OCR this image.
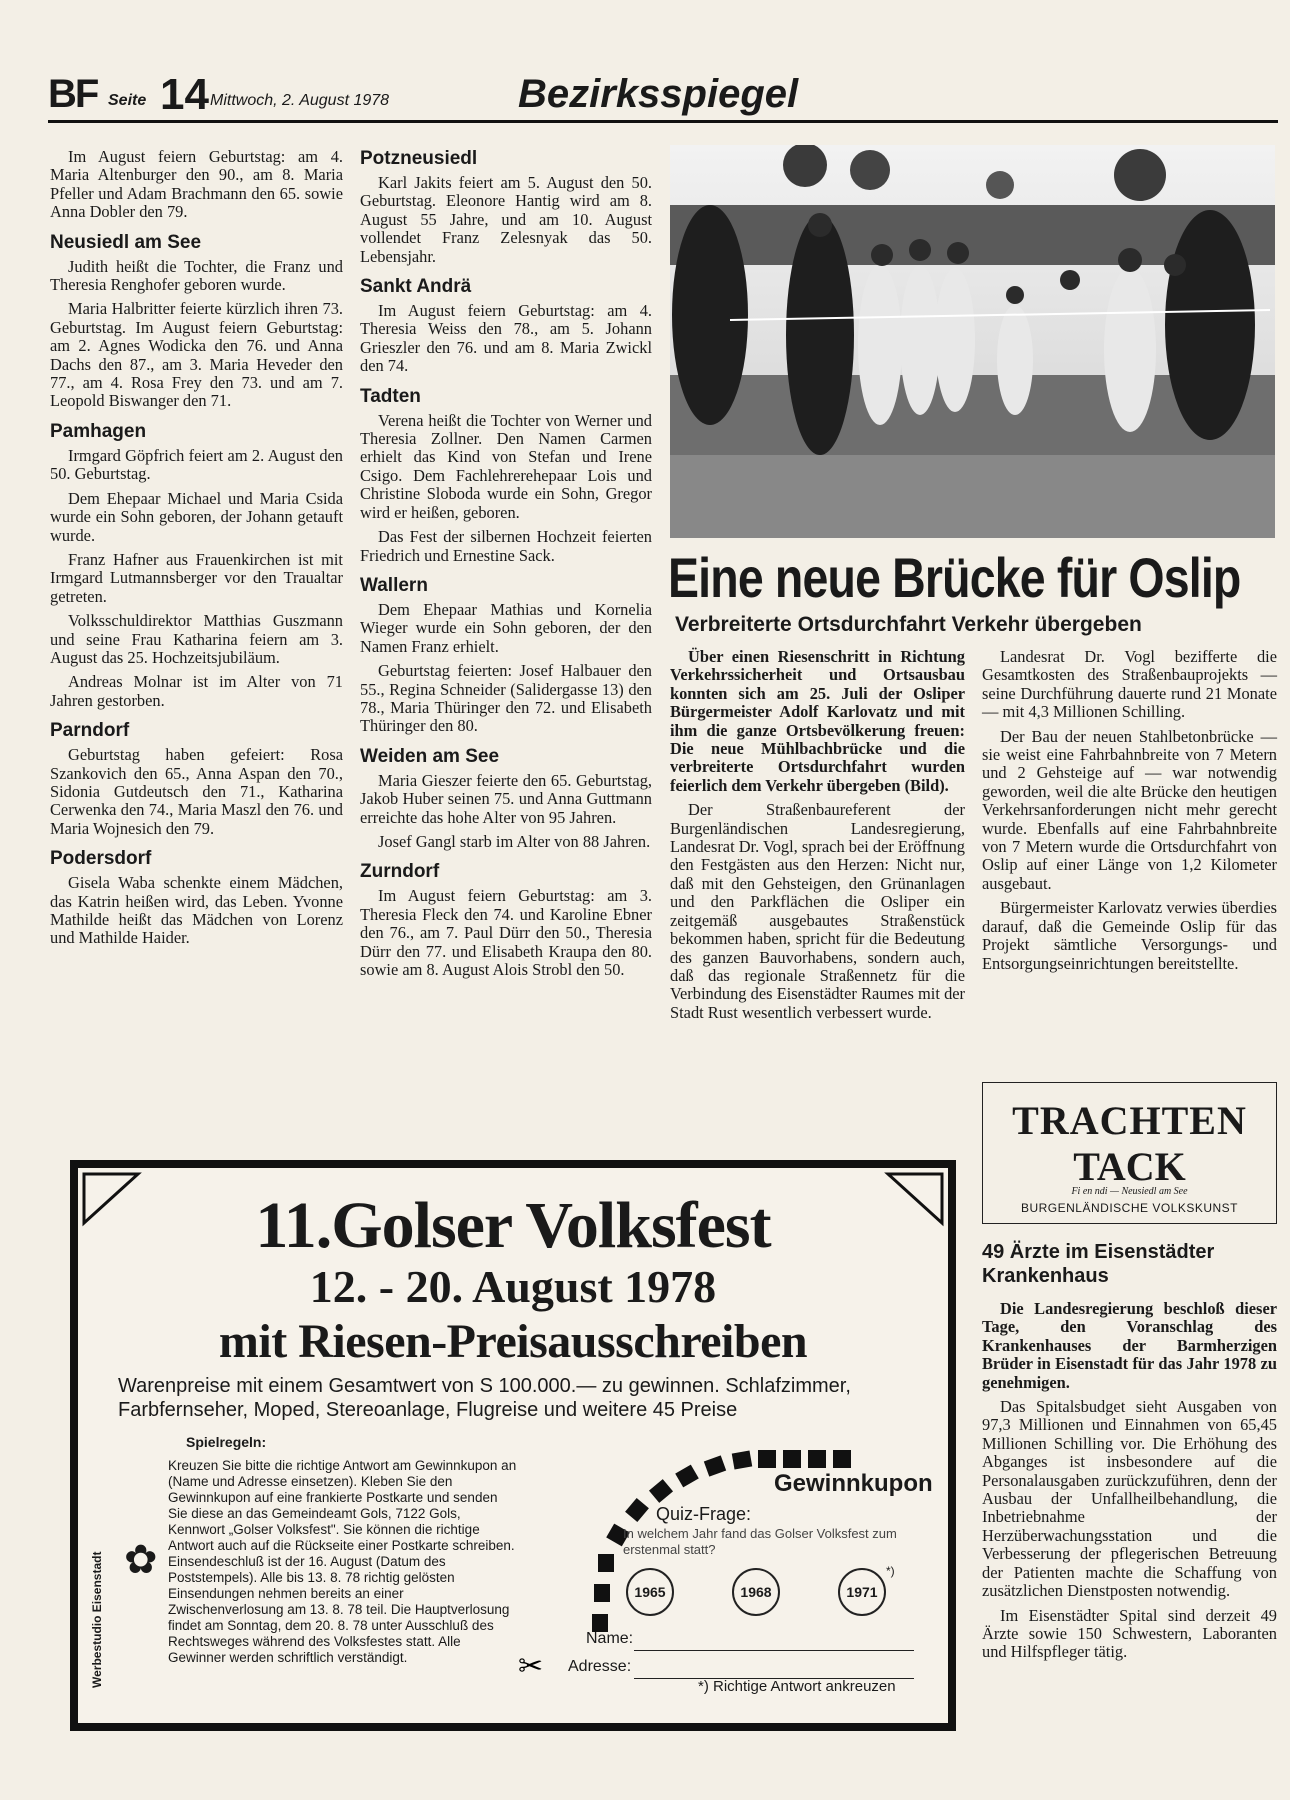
BF Seite 14 Mittwoch, 2. August 1978	Bezirksspiegel

Im August feiern Geburtstag: am 4. Maria Altenburger den 90., am 8. Maria Pfeller und Adam Brachmann den 65. sowie Anna Dobler den 79.

Neusiedl am See

Judith heißt die Tochter, die Franz und Theresia Renghofer geboren wurde.

Maria Halbritter feierte kürzlich ihren 73. Geburtstag. Im August feiern Geburtstag: am 2. Agnes Wodicka den 76. und Anna Dachs den 87., am 3. Maria Heveder den 77., am 4. Rosa Frey den 73. und am 7. Leopold Biswanger den 71.

Pamhagen

Irmgard Göpfrich feiert am 2. August den 50. Geburtstag.

Dem Ehepaar Michael und Maria Csida wurde ein Sohn geboren, der Johann getauft wurde.

Franz Hafner aus Frauenkirchen ist mit Irmgard Lutmannsberger vor den Traualtar getreten.

Volksschuldirektor Matthias Guszmann und seine Frau Katharina feiern am 3. August das 25. Hochzeitsjubiläum.

Andreas Molnar ist im Alter von 71 Jahren gestorben.

Parndorf

Geburtstag haben gefeiert: Rosa Szankovich den 65., Anna Aspan den 70., Sidonia Gutdeutsch den 71., Katharina Cerwenka den 74., Maria Maszl den 76. und Maria Wojnesich den 79.

Podersdorf

Gisela Waba schenkte einem Mädchen, das Katrin heißen wird, das Leben. Yvonne Mathilde heißt das Mädchen von Lorenz und Mathilde Haider.

Potzneusiedl

Karl Jakits feiert am 5. August den 50. Geburtstag. Eleonore Hantig wird am 8. August 55 Jahre, und am 10. August vollendet Franz Zelesnyak das 50. Lebensjahr.

Sankt Andrä

Im August feiern Geburtstag: am 4. Theresia Weiss den 78., am 5. Johann Grieszler den 76. und am 8. Maria Zwickl den 74.

Tadten

Verena heißt die Tochter von Werner und Theresia Zollner. Den Namen Carmen erhielt das Kind von Stefan und Irene Csigo. Dem Fachlehrerehepaar Lois und Christine Sloboda wurde ein Sohn, Gregor wird er heißen, geboren.

Das Fest der silbernen Hochzeit feierten Friedrich und Ernestine Sack.

Wallern

Dem Ehepaar Mathias und Kornelia Wieger wurde ein Sohn geboren, der den Namen Franz erhielt.

Geburtstag feierten: Josef Halbauer den 55., Regina Schneider (Salidergasse 13) den 78., Maria Thüringer den 72. und Elisabeth Thüringer den 80.

Weiden am See

Maria Gieszer feierte den 65. Geburtstag, Jakob Huber seinen 75. und Anna Guttmann erreichte das hohe Alter von 95 Jahren.

Josef Gangl starb im Alter von 88 Jahren.

Zurndorf

Im August feiern Geburtstag: am 3. Theresia Fleck den 74. und Karoline Ebner den 76., am 7. Paul Dürr den 50., Theresia Dürr den 77. und Elisabeth Kraupa den 80. sowie am 8. August Alois Strobl den 50.

Eine neue Brücke für Oslip
Verbreiterte Ortsdurchfahrt Verkehr übergeben

Über einen Riesenschritt in Richtung Verkehrssicherheit und Ortsausbau konnten sich am 25. Juli der Osliper Bürgermeister Adolf Karlovatz und mit ihm die ganze Ortsbevölkerung freuen: Die neue Mühlbachbrücke und die verbreiterte Ortsdurchfahrt wurden feierlich dem Verkehr übergeben (Bild).

Der Straßenbaureferent der Burgenländischen Landesregierung, Landesrat Dr. Vogl, sprach bei der Eröffnung den Festgästen aus den Herzen: Nicht nur, daß mit den Gehsteigen, den Grünanlagen und den Parkflächen die Osliper ein zeitgemäß ausgebautes Straßenstück bekommen haben, spricht für die Bedeutung des ganzen Bauvorhabens, sondern auch, daß das regionale Straßennetz für die Verbindung des Eisenstädter Raumes mit der Stadt Rust wesentlich verbessert wurde.

Landesrat Dr. Vogl bezifferte die Gesamtkosten des Straßenbauprojekts — seine Durchführung dauerte rund 21 Monate — mit 4,3 Millionen Schilling.

Der Bau der neuen Stahlbetonbrücke — sie weist eine Fahrbahnbreite von 7 Metern und 2 Gehsteige auf — war notwendig geworden, weil die alte Brücke den heutigen Verkehrsanforderungen nicht mehr gerecht wurde. Ebenfalls auf eine Fahrbahnbreite von 7 Metern wurde die Ortsdurchfahrt von Oslip auf einer Länge von 1,2 Kilometer ausgebaut.

Bürgermeister Karlovatz verwies überdies darauf, daß die Gemeinde Oslip für das Projekt sämtliche Versorgungs- und Entsorgungseinrichtungen bereitstellte.

TRACHTEN
TACK
Fi en ndi — Neusiedl am See
BURGENLÄNDISCHE VOLKSKUNST
49 Ärzte im Eisenstädter Krankenhaus

Die Landesregierung beschloß dieser Tage, den Voranschlag des Krankenhauses der Barmherzigen Brüder in Eisenstadt für das Jahr 1978 zu genehmigen.

Das Spitalsbudget sieht Ausgaben von 97,3 Millionen und Einnahmen von 65,45 Millionen Schilling vor. Die Erhöhung des Abganges ist insbesondere auf die Personalausgaben zurückzuführen, denn der Ausbau der Unfallheilbehandlung, die Inbetriebnahme der Herzüberwachungsstation und die Verbesserung der pflegerischen Betreuung der Patienten machte die Schaffung von zusätzlichen Dienstposten notwendig.

Im Eisenstädter Spital sind derzeit 49 Ärzte sowie 150 Schwestern, Laboranten und Hilfspfleger tätig.

11.Golser Volksfest
12. - 20. August 1978
mit Riesen-Preisausschreiben
Warenpreise mit einem Gesamtwert von S 100.000.— zu gewinnen. Schlafzimmer, Farbfernseher, Moped, Stereoanlage, Flugreise und weitere 45 Preise
Spielregeln:
Kreuzen Sie bitte die richtige Antwort am Gewinnkupon an (Name und Adresse einsetzen). Kleben Sie den Gewinnkupon auf eine frankierte Postkarte und senden Sie diese an das Gemeindeamt Gols, 7122 Gols, Kennwort „Golser Volksfest". Sie können die richtige Antwort auch auf die Rückseite einer Postkarte schreiben. Einsendeschluß ist der 16. August (Datum des Poststempels). Alle bis 13. 8. 78 richtig gelösten Einsendungen nehmen bereits an einer Zwischenverlosung am 13. 8. 78 teil. Die Hauptverlosung findet am Sonntag, dem 20. 8. 78 unter Ausschluß des Rechtsweges während des Volksfestes statt. Alle Gewinner werden schriftlich verständigt.
Werbestudio Eisenstadt ✿
✂
Gewinnkupon
Quiz-Frage:
In welchem Jahr fand das Golser Volksfest zum erstenmal statt?
1965	1968	1971
*)
Name:
Adresse:
*) Richtige Antwort ankreuzen
